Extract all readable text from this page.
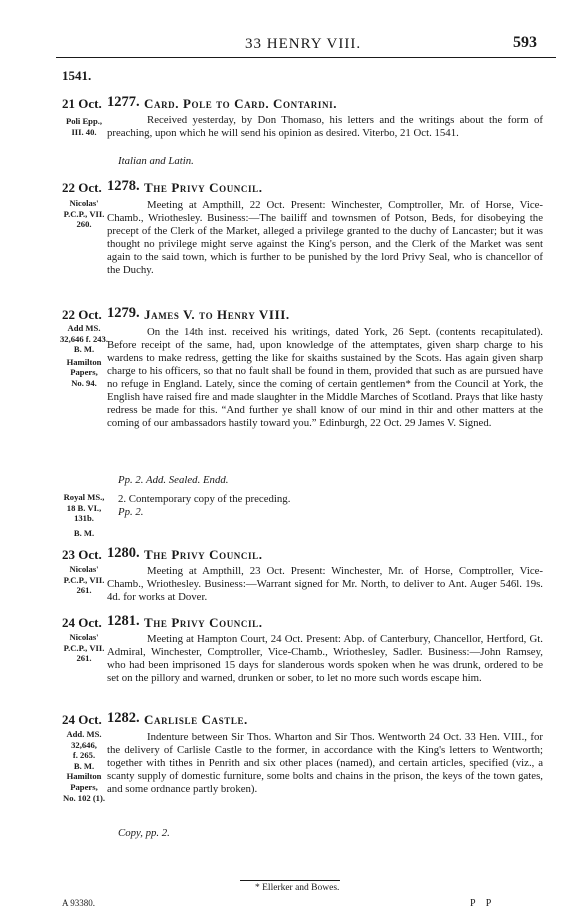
33 HENRY VIII.	593
1541.
21 Oct.
Poli Epp.,
III. 40.
1277. Card. Pole to Card. Contarini.
Received yesterday, by Don Thomaso, his letters and the writings about the form of preaching, upon which he will send his opinion as desired. Viterbo, 21 Oct. 1541.
Italian and Latin.
22 Oct.
Nicolas'
P.C.P., VII.
260.
1278. The Privy Council.
Meeting at Ampthill, 22 Oct. Present: Winchester, Comptroller, Mr. of Horse, Vice-Chamb., Wriothesley. Business:—The bailiff and townsmen of Potson, Beds, for disobeying the precept of the Clerk of the Market, alleged a privilege granted to the duchy of Lancaster; but it was thought no privilege might serve against the King's person, and the Clerk of the Market was sent again to the said town, which is further to be punished by the lord Privy Seal, who is chancellor of the Duchy.
22 Oct.
Add MS.
32,646 f. 243.
B. M.
Hamilton
Papers,
No. 94.
1279. James V. to Henry VIII.
On the 14th inst. received his writings, dated York, 26 Sept. (contents recapitulated). Before receipt of the same, had, upon knowledge of the attemptates, given sharp charge to his wardens to make redress, getting the like for skaiths sustained by the Scots. Has again given sharp charge to his officers, so that no fault shall be found in them, provided that such as are pursued have no refuge in England. Lately, since the coming of certain gentlemen* from the Council at York, the English have raised fire and made slaughter in the Middle Marches of Scotland. Prays that like hasty redress be made for this. “And further ye shall know of our mind in thir and other matters at the coming of our ambassadors hastily toward you.” Edinburgh, 22 Oct. 29 James V. Signed.
Pp. 2. Add. Sealed. Endd.
Royal MS.,
18 B. VI.,
131b.
B. M.
2. Contemporary copy of the preceding.
Pp. 2.
23 Oct.
Nicolas'
P.C.P., VII.
261.
1280. The Privy Council.
Meeting at Ampthill, 23 Oct. Present: Winchester, Mr. of Horse, Comptroller, Vice-Chamb., Wriothesley. Business:—Warrant signed for Mr. North, to deliver to Ant. Auger 546l. 19s. 4d. for works at Dover.
24 Oct.
Nicolas'
P.C.P., VII.
261.
1281. The Privy Council.
Meeting at Hampton Court, 24 Oct. Present: Abp. of Canterbury, Chancellor, Hertford, Gt. Admiral, Winchester, Comptroller, Vice-Chamb., Wriothesley, Sadler. Business:—John Ramsey, who had been imprisoned 15 days for slanderous words spoken when he was drunk, ordered to be set on the pillory and warned, drunken or sober, to let no more such words escape him.
24 Oct.
Add. MS.
32,646,
f. 265.
B. M.
Hamilton
Papers,
No. 102 (1).
1282. Carlisle Castle.
Indenture between Sir Thos. Wharton and Sir Thos. Wentworth 24 Oct. 33 Hen. VIII., for the delivery of Carlisle Castle to the former, in accordance with the King's letters to Wentworth; together with tithes in Penrith and six other places (named), and certain articles, specified (viz., a scanty supply of domestic furniture, some bolts and chains in the prison, the keys of the town gates, and some ordnance partly broken).
Copy, pp. 2.
* Ellerker and Bowes.
A 93380.	P P
